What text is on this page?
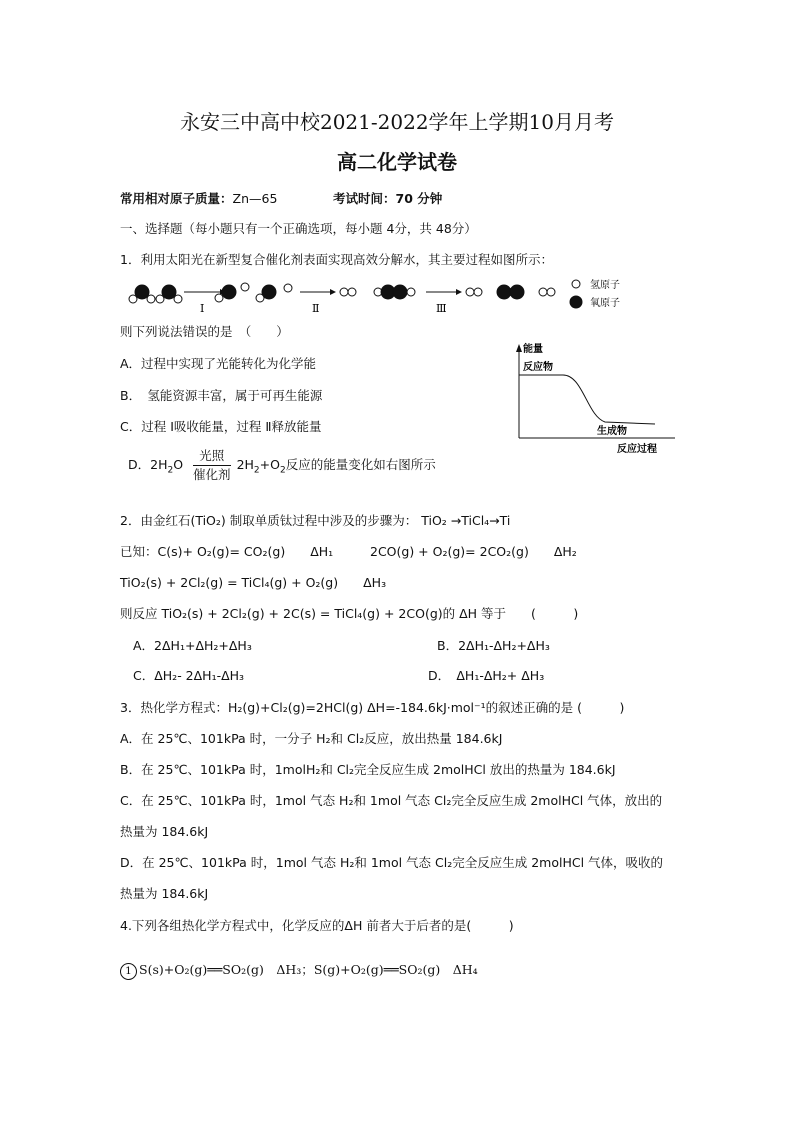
永安三中高中校2021-2022学年上学期10月月考
高二化学试卷
常用相对原子质量：Zn—65	考试时间：70 分钟
一、选择题（每小题只有一个正确选项，每小题 4分，共 48分）
1．利用太阳光在新型复合催化剂表面实现高效分解水，其主要过程如图所示：
Ⅰ	Ⅱ	Ⅲ
氢原子
氧原子
则下列说法错误的是　（　　）
A．过程中实现了光能转化为化学能
B．　氢能资源丰富，属于可再生能源
C．过程 Ⅰ吸收能量，过程 Ⅱ释放能量
D．$2H_2O \frac{\text{光照}}{\text{催化剂}} 2H_2+O_2$反应的能量变化如右图所示
能量
反应物
生成物
反应过程
2．由金红石(TiO₂) 制取单质钛过程中涉及的步骤为： TiO₂ →TiCl₄→Ti
已知：C(s)+ O₂(g)= CO₂(g)　　ΔH₁	2CO(g) + O₂(g)= 2CO₂(g)　　ΔH₂
TiO₂(s) + 2Cl₂(g) = TiCl₄(g) + O₂(g)　　ΔH₃
则反应 TiO₂(s) + 2Cl₂(g) + 2C(s) = TiCl₄(g) + 2CO(g)的 ΔH 等于　　(　　　)
A．2ΔH₁+ΔH₂+ΔH₃	B．2ΔH₁-ΔH₂+ΔH₃
C．ΔH₂- 2ΔH₁-ΔH₃	D．　ΔH₁-ΔH₂+ ΔH₃
3．热化学方程式：H₂(g)+Cl₂(g)=2HCl(g) ΔH=-184.6kJ·mol⁻¹的叙述正确的是 (　　　)
A．在 25℃、101kPa 时，一分子 H₂和 Cl₂反应，放出热量 184.6kJ
B．在 25℃、101kPa 时，1molH₂和 Cl₂完全反应生成 2molHCl 放出的热量为 184.6kJ
C．在 25℃、101kPa 时，1mol 气态 H₂和 1mol 气态 Cl₂完全反应生成 2molHCl 气体，放出的
热量为 184.6kJ
D．在 25℃、101kPa 时，1mol 气态 H₂和 1mol 气态 Cl₂完全反应生成 2molHCl 气体，吸收的
热量为 184.6kJ
4.下列各组热化学方程式中，化学反应的ΔH 前者大于后者的是(　　　)
1 S(s)+O₂(g)══SO₂(g)　ΔH₃；S(g)+O₂(g)══SO₂(g)　ΔH₄
